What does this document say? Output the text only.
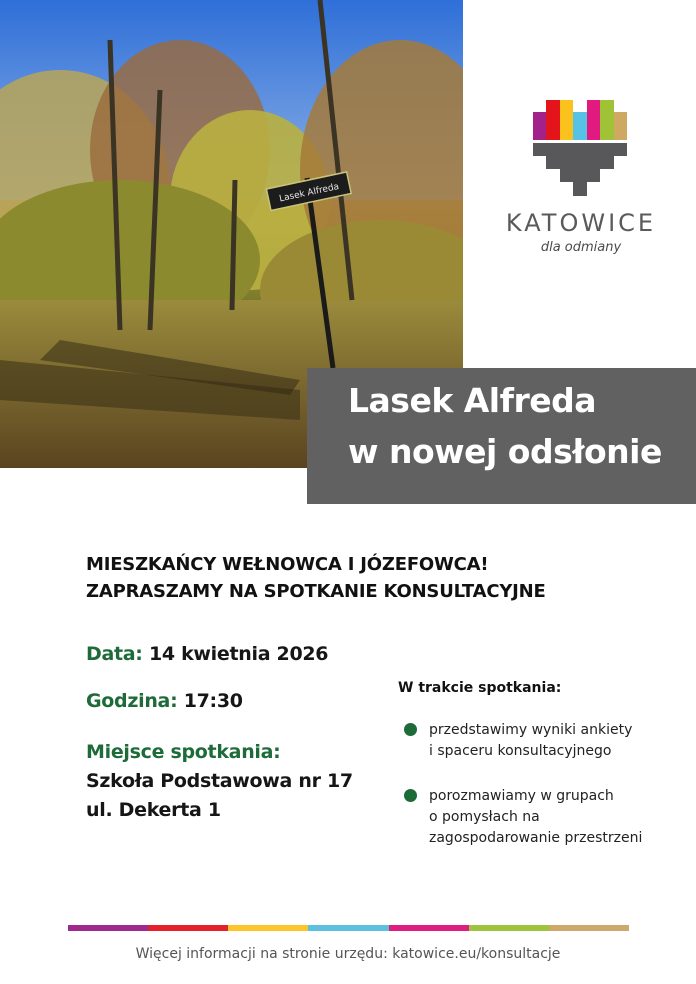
Lasek Alfreda
KATOWICE
dla odmiany
Lasek Alfreda
w nowej odsłonie
MIESZKAŃCY WEŁNOWCA I JÓZEFOWCA!
ZAPRASZAMY NA SPOTKANIE KONSULTACYJNE
Data: 14 kwietnia 2026
Godzina: 17:30
Miejsce spotkania:
Szkoła Podstawowa nr 17
ul. Dekerta 1
W trakcie spotkania:
przedstawimy wyniki ankiety
i spaceru konsultacyjnego
porozmawiamy w grupach
o pomysłach na
zagospodarowanie przestrzeni
Więcej informacji na stronie urzędu: katowice.eu/konsultacje
